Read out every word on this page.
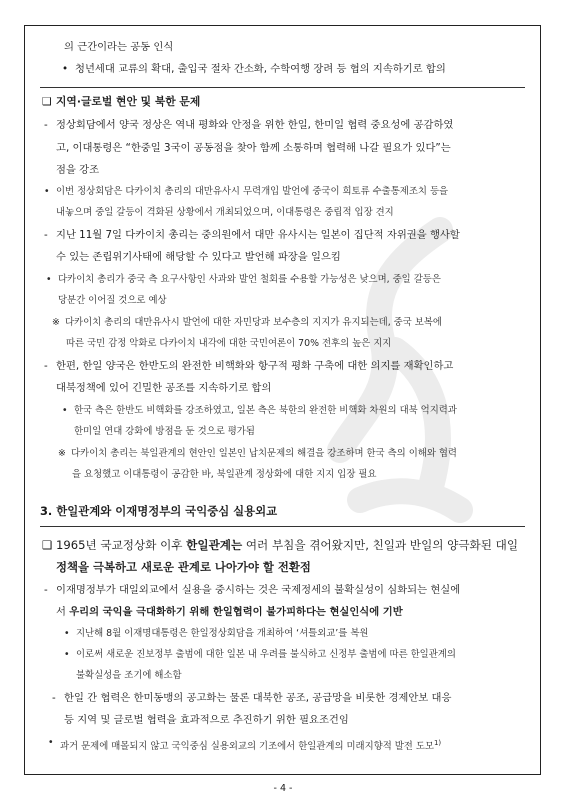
의 근간이라는 공동 인식
• 청년세대 교류의 확대, 출입국 절차 간소화, 수학여행 장려 등 협의 지속하기로 합의
❑ 지역·글로벌 현안 및 북한 문제
- 정상회담에서 양국 정상은 역내 평화와 안정을 위한 한일, 한미일 협력 중요성에 공감하였
고, 이대통령은 “한중일 3국이 공동점을 찾아 함께 소통하며 협력해 나갈 필요가 있다”는
점을 강조
• 이번 정상회담은 다카이치 총리의 대만유사시 무력개입 발언에 중국이 희토류 수출통제조치 등을
내놓으며 중일 갈등이 격화된 상황에서 개최되었으며, 이대통령은 중립적 입장 견지
- 지난 11월 7일 다카이치 총리는 중의원에서 대만 유사시는 일본이 집단적 자위권을 행사할
수 있는 존립위기사태에 해당할 수 있다고 발언해 파장을 일으킴
• 다카이치 총리가 중국 측 요구사항인 사과와 발언 철회를 수용할 가능성은 낮으며, 중일 갈등은
당분간 이어질 것으로 예상
※ 다카이치 총리의 대만유사시 발언에 대한 자민당과 보수층의 지지가 유지되는데, 중국 보복에
따른 국민 감정 악화로 다카이치 내각에 대한 국민여론이 70% 전후의 높은 지지
- 한편, 한일 양국은 한반도의 완전한 비핵화와 항구적 평화 구축에 대한 의지를 재확인하고
대북정책에 있어 긴밀한 공조를 지속하기로 합의
• 한국 측은 한반도 비핵화를 강조하였고, 일본 측은 북한의 완전한 비핵화 차원의 대북 억지력과
한미일 연대 강화에 방점을 둔 것으로 평가됨
※ 다카이치 총리는 북일관계의 현안인 일본인 납치문제의 해결을 강조하며 한국 측의 이해와 협력
을 요청했고 이대통령이 공감한 바, 북일관계 정상화에 대한 지지 입장 필요
3. 한일관계와 이재명정부의 국익중심 실용외교
❑ 1965년 국교정상화 이후 한일관계는 여러 부침을 겪어왔지만, 친일과 반일의 양극화된 대일
정책을 극복하고 새로운 관계로 나아가야 할 전환점
- 이재명정부가 대일외교에서 실용을 중시하는 것은 국제정세의 불확실성이 심화되는 현실에
서 우리의 국익을 극대화하기 위해 한일협력이 불가피하다는 현실인식에 기반
• 지난해 8월 이재명대통령은 한일정상회담을 개최하여 ‘셔틀외교’를 복원
• 이로써 새로운 진보정부 출범에 대한 일본 내 우려를 불식하고 신정부 출범에 따른 한일관계의
불확실성을 조기에 해소함
- 한일 간 협력은 한미동맹의 공고화는 물론 대북한 공조, 공급망을 비롯한 경제안보 대응
등 지역 및 글로벌 협력을 효과적으로 추진하기 위한 필요조건임
• 과거 문제에 매몰되지 않고 국익중심 실용외교의 기조에서 한일관계의 미래지향적 발전 도모$^{1)}$
- 4 -
